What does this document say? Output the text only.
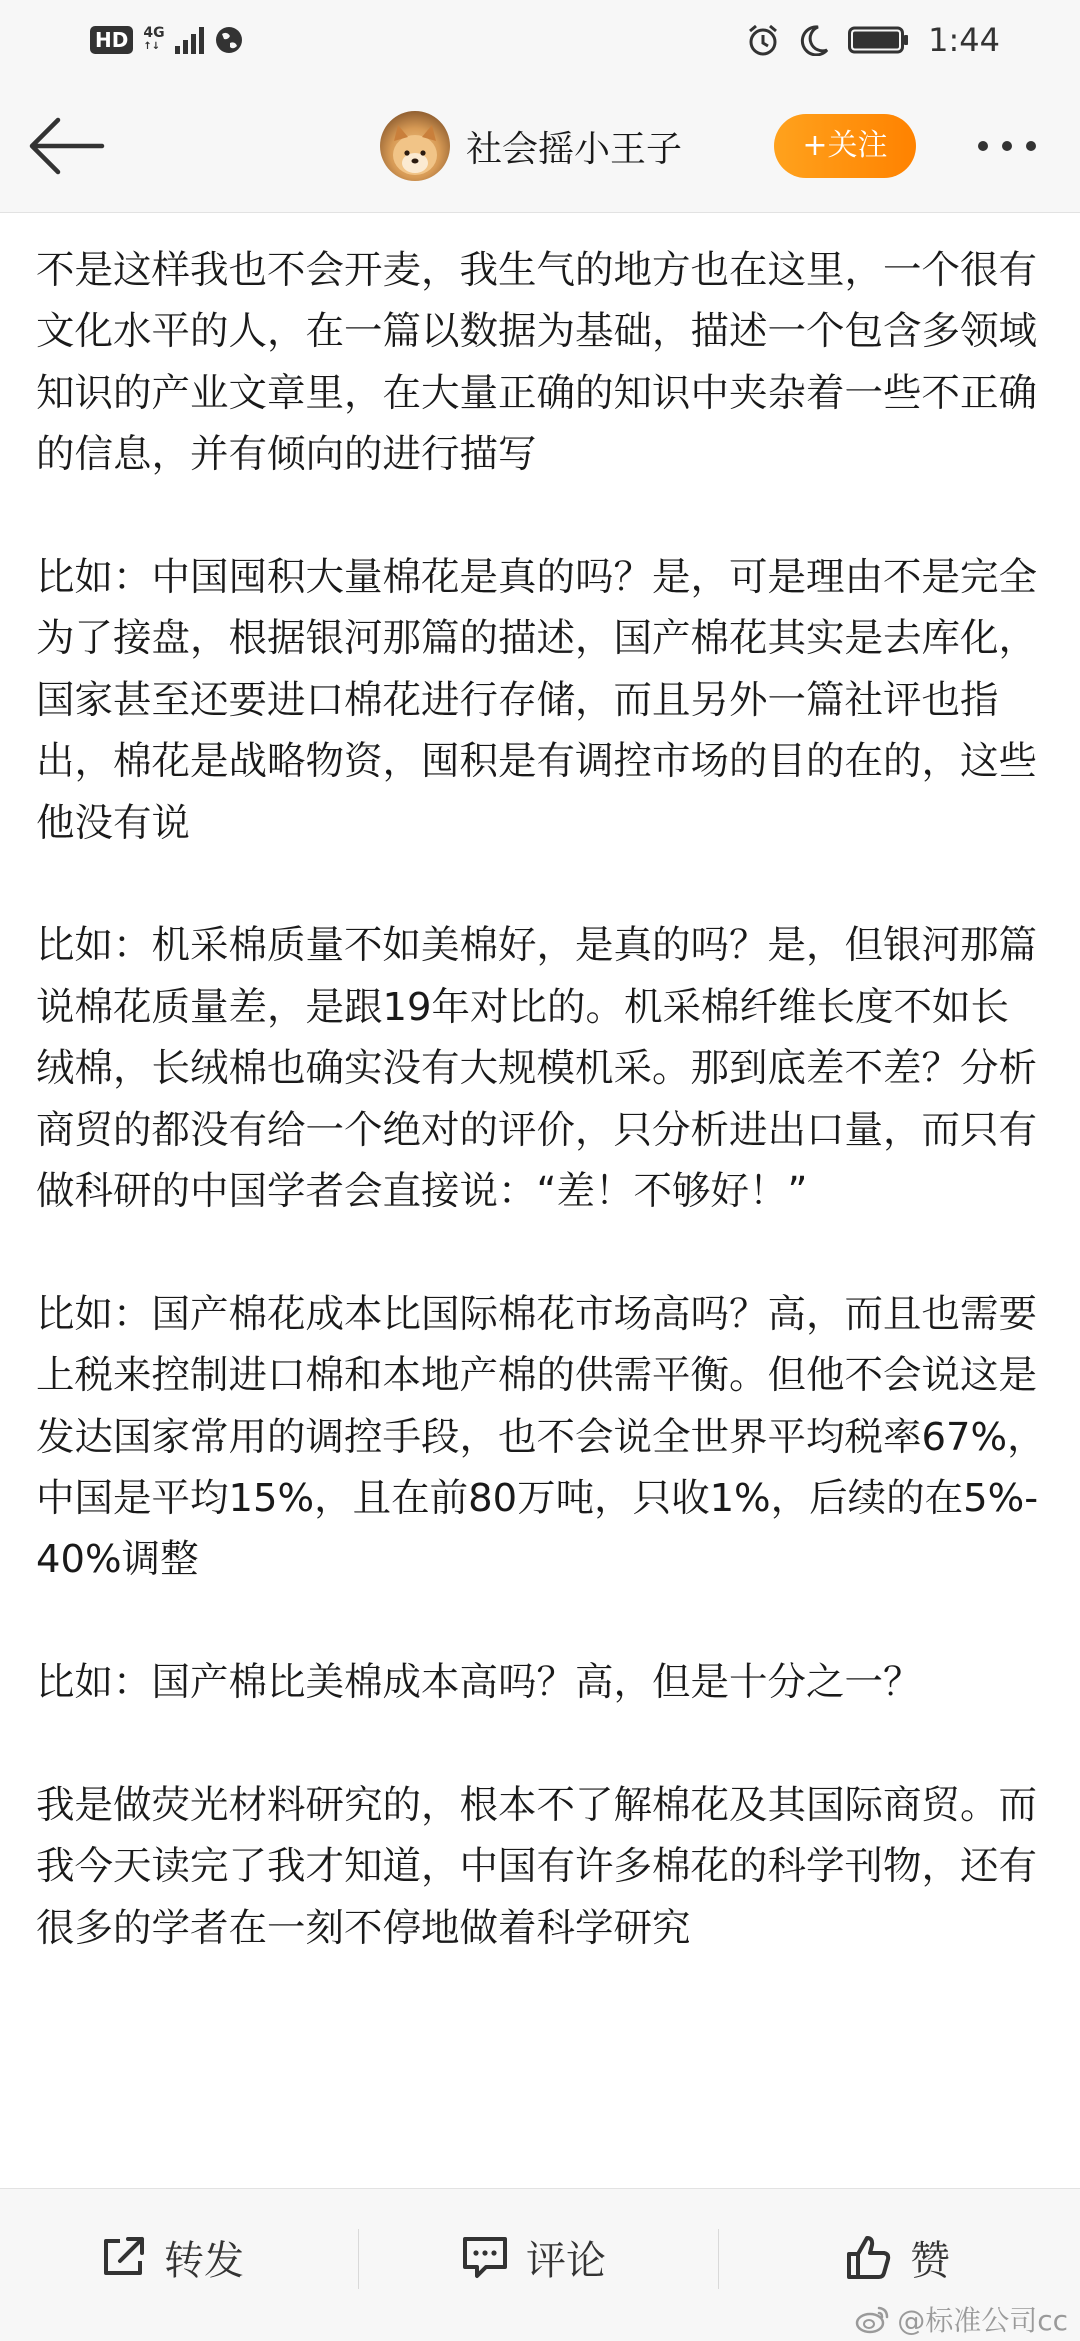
HD	4G
↑↓	1:44
社会摇小王子	+关注

不是这样我也不会开麦，我生气的地方也在这里，一个很有文化水平的人，在一篇以数据为基础，描述一个包含多领域知识的产业文章里，在大量正确的知识中夹杂着一些不正确的信息，并有倾向的进行描写

比如：中国囤积大量棉花是真的吗？是，可是理由不是完全为了接盘，根据银河那篇的描述，国产棉花其实是去库化，国家甚至还要进口棉花进行存储，而且另外一篇社评也指出，棉花是战略物资，囤积是有调控市场的目的在的，这些他没有说

比如：机采棉质量不如美棉好，是真的吗？是，但银河那篇说棉花质量差，是跟19年对比的。机采棉纤维长度不如长绒棉，长绒棉也确实没有大规模机采。那到底差不差？分析商贸的都没有给一个绝对的评价，只分析进出口量，而只有做科研的中国学者会直接说：“差！不够好！”

比如：国产棉花成本比国际棉花市场高吗？高，而且也需要上税来控制进口棉和本地产棉的供需平衡。但他不会说这是发达国家常用的调控手段，也不会说全世界平均税率67%，中国是平均15%，且在前80万吨，只收1%，后续的在5%-40%调整

比如：国产棉比美棉成本高吗？高，但是十分之一？

我是做荧光材料研究的，根本不了解棉花及其国际商贸。而我今天读完了我才知道，中国有许多棉花的科学刊物，还有很多的学者在一刻不停地做着科学研究

转发	评论	赞
@标准公司cc
